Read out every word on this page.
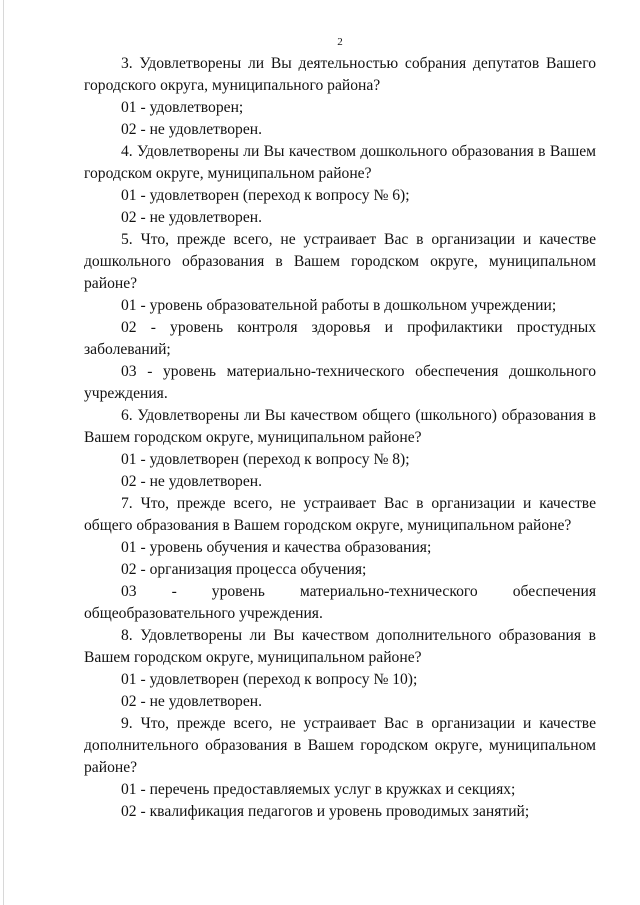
2

3. Удовлетворены ли Вы деятельностью собрания депутатов Вашего городского округа, муниципального района?

01 - удовлетворен;

02 - не удовлетворен.

4. Удовлетворены ли Вы качеством дошкольного образования в Вашем городском округе, муниципальном районе?

01 - удовлетворен (переход к вопросу № 6);

02 - не удовлетворен.

5. Что, прежде всего, не устраивает Вас в организации и качестве дошкольного образования в Вашем городском округе, муниципальном районе?

01 - уровень образовательной работы в дошкольном учреждении;

02 - уровень контроля здоровья и профилактики простудных заболеваний;

03 - уровень материально-технического обеспечения дошкольного учреждения.

6. Удовлетворены ли Вы качеством общего (школьного) образования в Вашем городском округе, муниципальном районе?

01 - удовлетворен (переход к вопросу № 8);

02 - не удовлетворен.

7. Что, прежде всего, не устраивает Вас в организации и качестве общего образования в Вашем городском округе, муниципальном районе?

01 - уровень обучения и качества образования;

02 - организация процесса обучения;

03 - уровень материально-технического обеспечения общеобразовательного учреждения.

8. Удовлетворены ли Вы качеством дополнительного образования в Вашем городском округе, муниципальном районе?

01 - удовлетворен (переход к вопросу № 10);

02 - не удовлетворен.

9. Что, прежде всего, не устраивает Вас в организации и качестве дополнительного образования в Вашем городском округе, муниципальном районе?

01 - перечень предоставляемых услуг в кружках и секциях;

02 - квалификация педагогов и уровень проводимых занятий;
